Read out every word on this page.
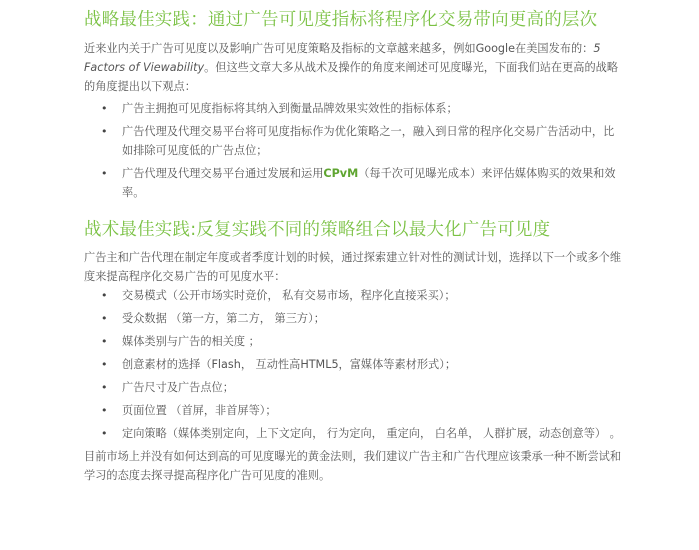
战略最佳实践：通过广告可见度指标将程序化交易带向更高的层次

近来业内关于广告可见度以及影响广告可见度策略及指标的文章越来越多，例如Google在美国发布的：5 Factors of Viewability。但这些文章大多从战术及操作的角度来阐述可见度曝光，下面我们站在更高的战略的角度提出以下观点：

• 广告主拥抱可见度指标将其纳入到衡量品牌效果实效性的指标体系；
• 广告代理及代理交易平台将可见度指标作为优化策略之一，融入到日常的程序化交易广告活动中，比如排除可见度低的广告点位；
• 广告代理及代理交易平台通过发展和运用CPvM（每千次可见曝光成本）来评估媒体购买的效果和效率。
战术最佳实践:反复实践不同的策略组合以最大化广告可见度

广告主和广告代理在制定年度或者季度计划的时候，通过探索建立针对性的测试计划，选择以下一个或多个维度来提高程序化交易广告的可见度水平：

• 交易模式（公开市场实时竞价， 私有交易市场，程序化直接采买）；
• 受众数据 （第一方，第二方， 第三方）；
• 媒体类别与广告的相关度 ；
• 创意素材的选择（Flash， 互动性高HTML5，富媒体等素材形式）；
• 广告尺寸及广告点位；
• 页面位置 （首屏，非首屏等）；
• 定向策略（媒体类别定向，上下文定向， 行为定向， 重定向， 白名单， 人群扩展，动态创意等） 。

目前市场上并没有如何达到高的可见度曝光的黄金法则，我们建议广告主和广告代理应该秉承一种不断尝试和学习的态度去探寻提高程序化广告可见度的准则。
